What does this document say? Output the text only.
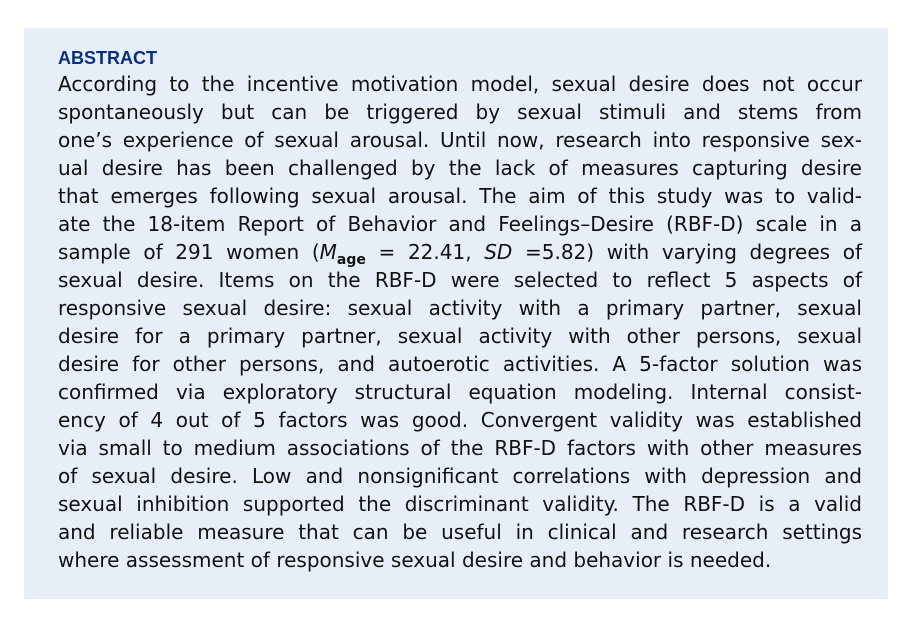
ABSTRACT
According to the incentive motivation model, sexual desire does not occur
spontaneously but can be triggered by sexual stimuli and stems from
one’s experience of sexual arousal. Until now, research into responsive sex-
ual desire has been challenged by the lack of measures capturing desire
that emerges following sexual arousal. The aim of this study was to valid-
ate the 18-item Report of Behavior and Feelings–Desire (RBF-D) scale in a
sample of 291 women ($M_{age} = 22.41$, SD =5.82) with varying degrees of
sexual desire. Items on the RBF-D were selected to reflect 5 aspects of
responsive sexual desire: sexual activity with a primary partner, sexual
desire for a primary partner, sexual activity with other persons, sexual
desire for other persons, and autoerotic activities. A 5-factor solution was
confirmed via exploratory structural equation modeling. Internal consist-
ency of 4 out of 5 factors was good. Convergent validity was established
via small to medium associations of the RBF-D factors with other measures
of sexual desire. Low and nonsignificant correlations with depression and
sexual inhibition supported the discriminant validity. The RBF-D is a valid
and reliable measure that can be useful in clinical and research settings
where assessment of responsive sexual desire and behavior is needed.
